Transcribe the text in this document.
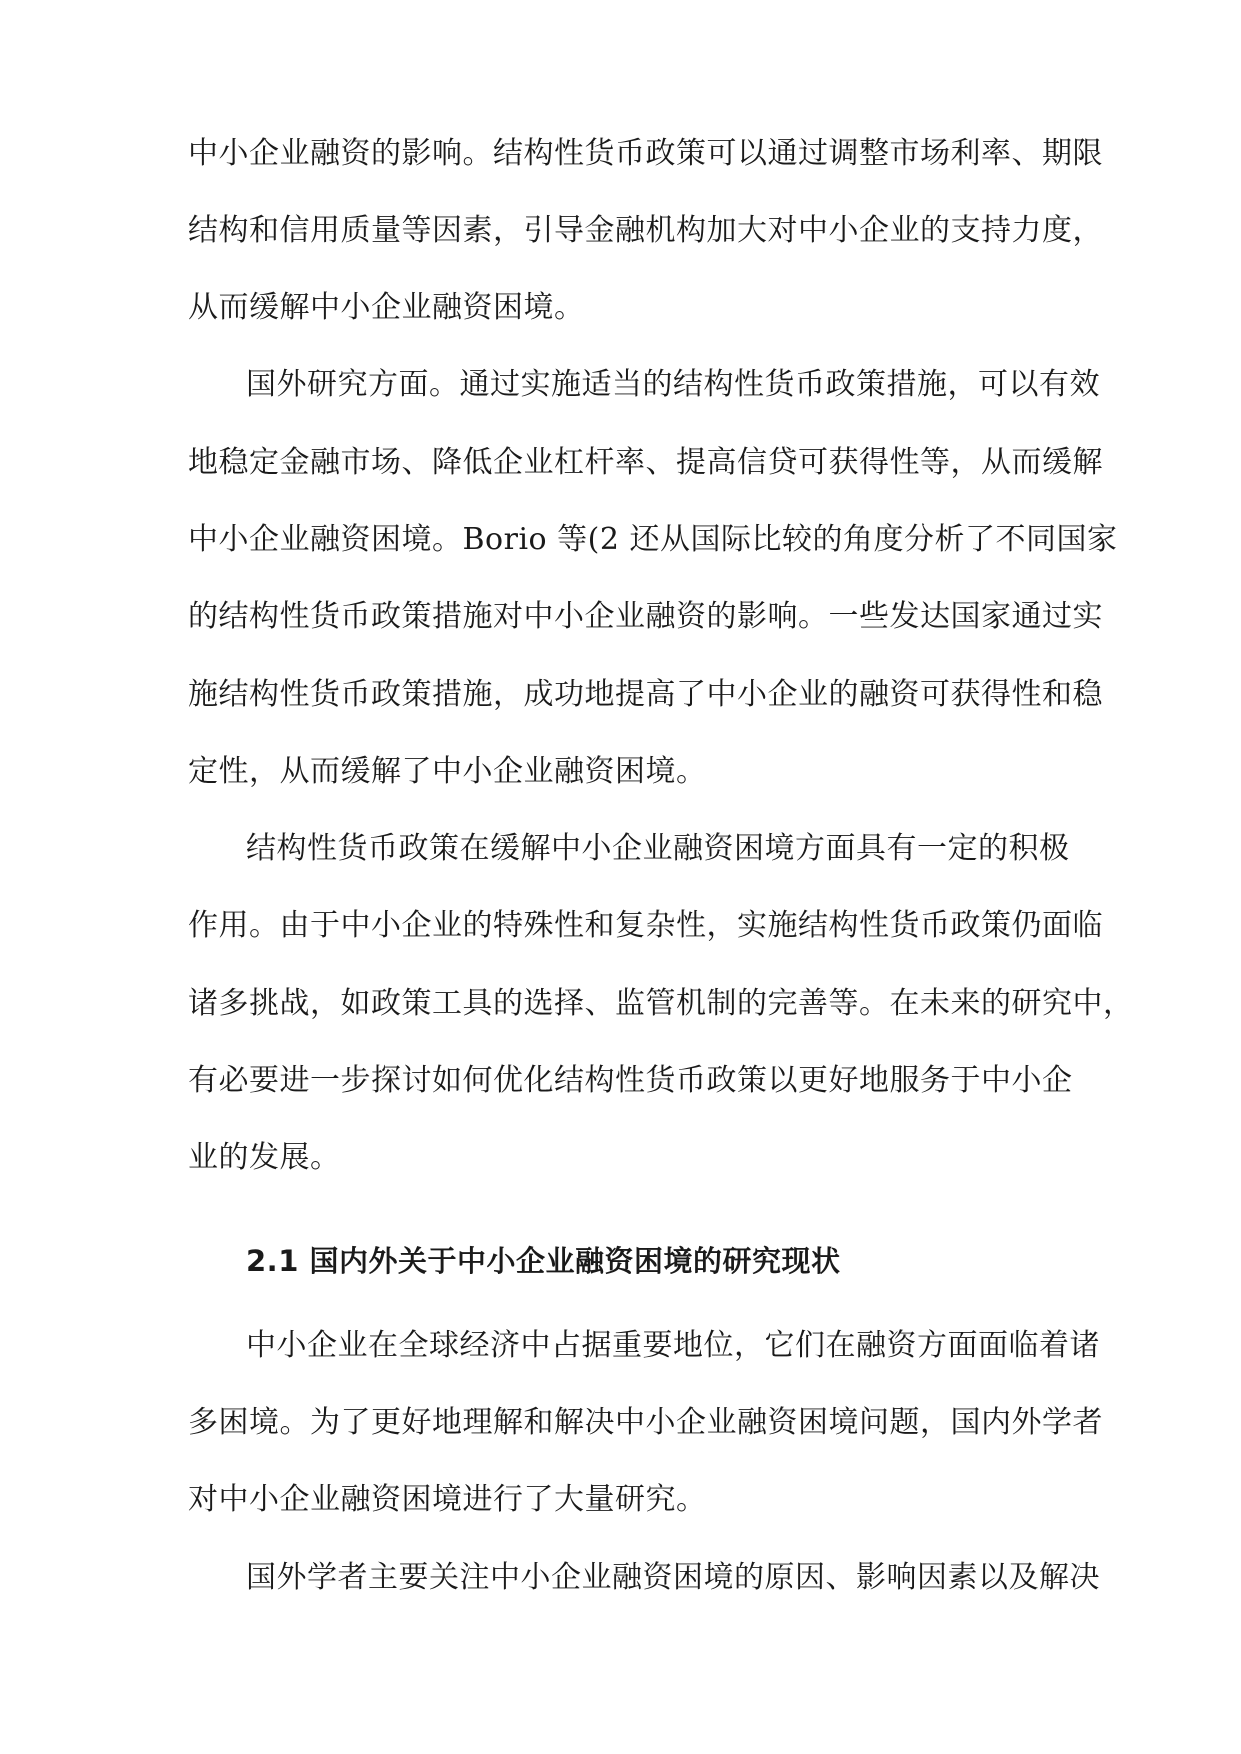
中小企业融资的影响。结构性货币政策可以通过调整市场利率、期限

结构和信用质量等因素，引导金融机构加大对中小企业的支持力度，

从而缓解中小企业融资困境。

国外研究方面。通过实施适当的结构性货币政策措施，可以有效

地稳定金融市场、降低企业杠杆率、提高信贷可获得性等，从而缓解

中小企业融资困境。Borio 等(2 还从国际比较的角度分析了不同国家

的结构性货币政策措施对中小企业融资的影响。一些发达国家通过实

施结构性货币政策措施，成功地提高了中小企业的融资可获得性和稳

定性，从而缓解了中小企业融资困境。

结构性货币政策在缓解中小企业融资困境方面具有一定的积极

作用。由于中小企业的特殊性和复杂性，实施结构性货币政策仍面临

诸多挑战，如政策工具的选择、监管机制的完善等。在未来的研究中，

有必要进一步探讨如何优化结构性货币政策以更好地服务于中小企

业的发展。

2.1 国内外关于中小企业融资困境的研究现状

中小企业在全球经济中占据重要地位，它们在融资方面面临着诸

多困境。为了更好地理解和解决中小企业融资困境问题，国内外学者

对中小企业融资困境进行了大量研究。

国外学者主要关注中小企业融资困境的原因、影响因素以及解决
